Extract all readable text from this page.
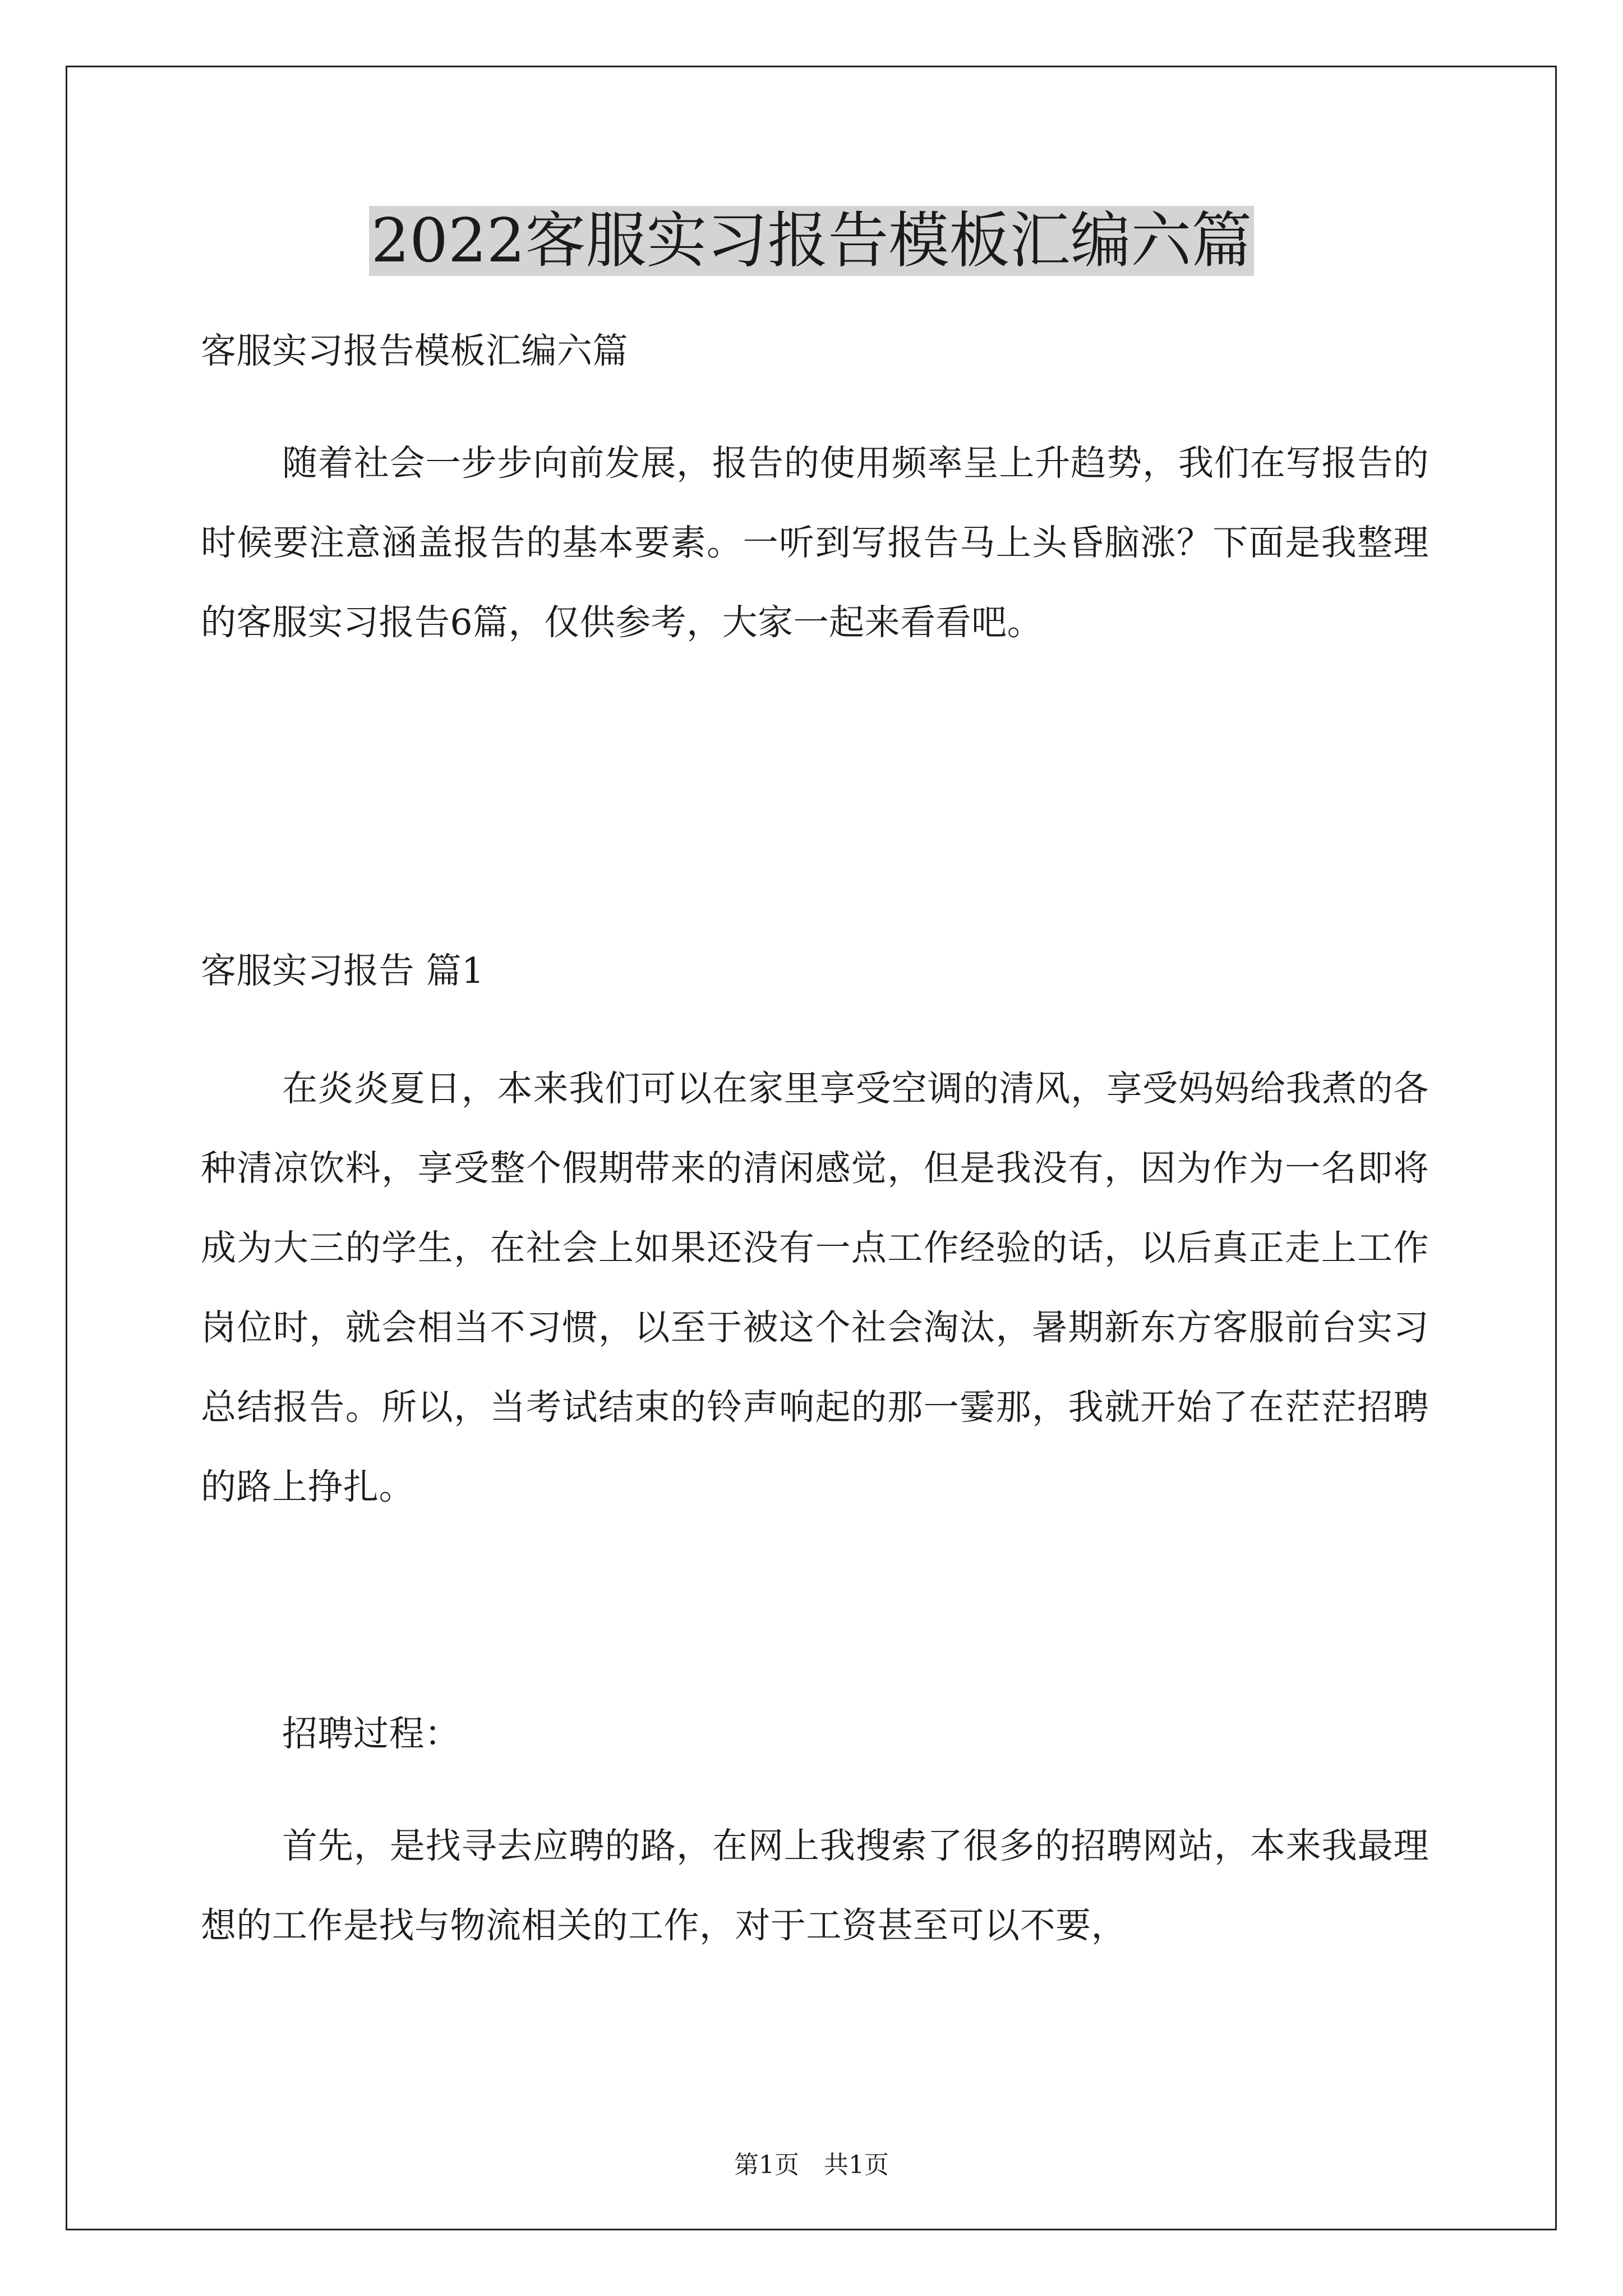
2022客服实习报告模板汇编六篇

客服实习报告模板汇编六篇

随着社会一步步向前发展，报告的使用频率呈上升趋势，我们在写报告的时候要注意涵盖报告的基本要素。一听到写报告马上头昏脑涨？下面是我整理的客服实习报告6篇，仅供参考，大家一起来看看吧。

客服实习报告 篇1

在炎炎夏日，本来我们可以在家里享受空调的清风，享受妈妈给我煮的各种清凉饮料，享受整个假期带来的清闲感觉，但是我没有，因为作为一名即将成为大三的学生，在社会上如果还没有一点工作经验的话，以后真正走上工作岗位时，就会相当不习惯，以至于被这个社会淘汰，暑期新东方客服前台实习总结报告。所以，当考试结束的铃声响起的那一霎那，我就开始了在茫茫招聘的路上挣扎。

招聘过程：

首先，是找寻去应聘的路，在网上我搜索了很多的招聘网站，本来我最理想的工作是找与物流相关的工作，对于工资甚至可以不要，

第1页　共1页
